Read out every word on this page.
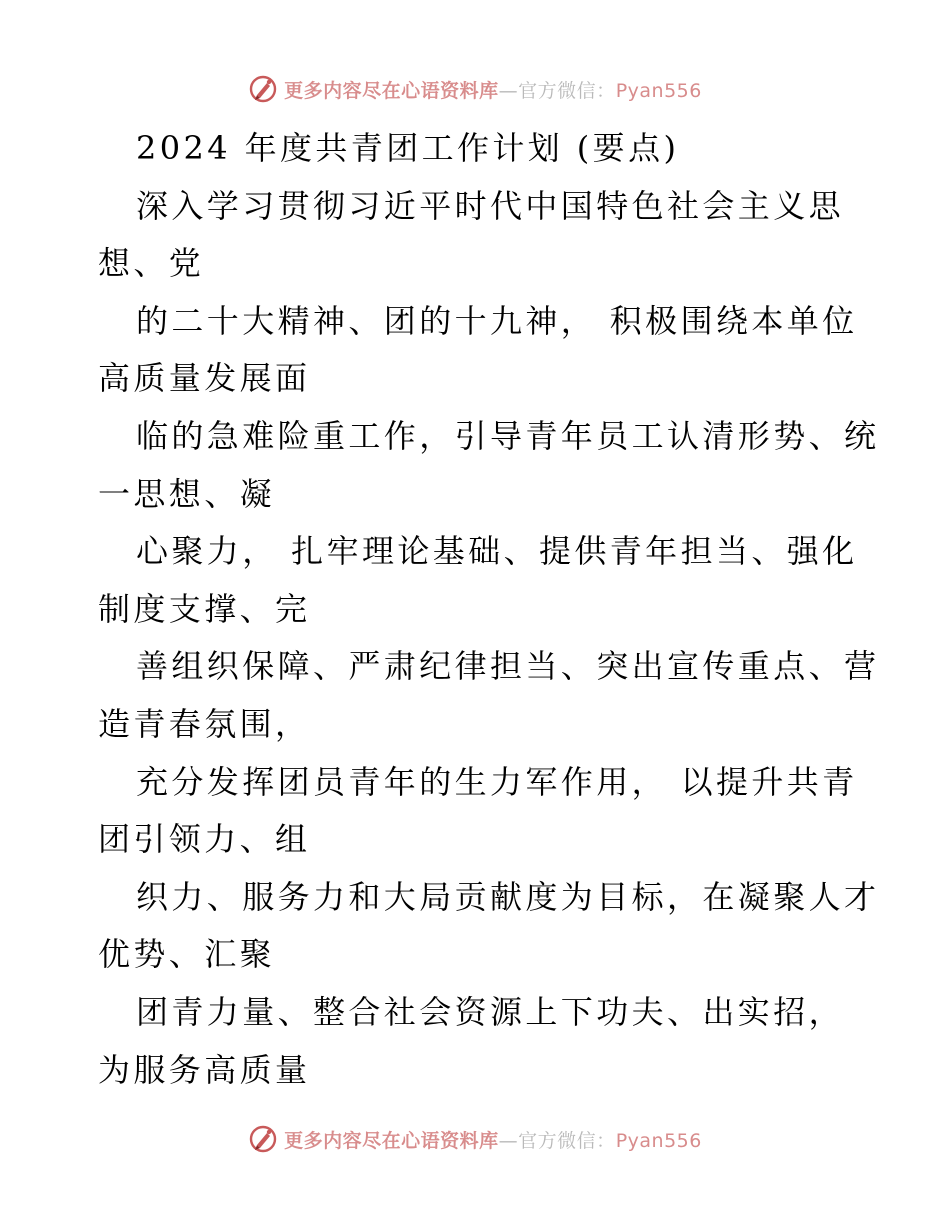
更多内容尽在心语资料库—官方微信：Pyan556
2024 年度共青团工作计划 (要点)
深入学习贯彻习近平时代中国特色社会主义思
想、党
的二十大精神、团的十九神， 积极围绕本单位
高质量发展面
临的急难险重工作，引导青年员工认清形势、统
一思想、凝
心聚力， 扎牢理论基础、提供青年担当、强化
制度支撑、完
善组织保障、严肃纪律担当、突出宣传重点、营
造青春氛围，
充分发挥团员青年的生力军作用， 以提升共青
团引领力、组
织力、服务力和大局贡献度为目标，在凝聚人才
优势、汇聚
团青力量、整合社会资源上下功夫、出实招，
为服务高质量
更多内容尽在心语资料库—官方微信：Pyan556
